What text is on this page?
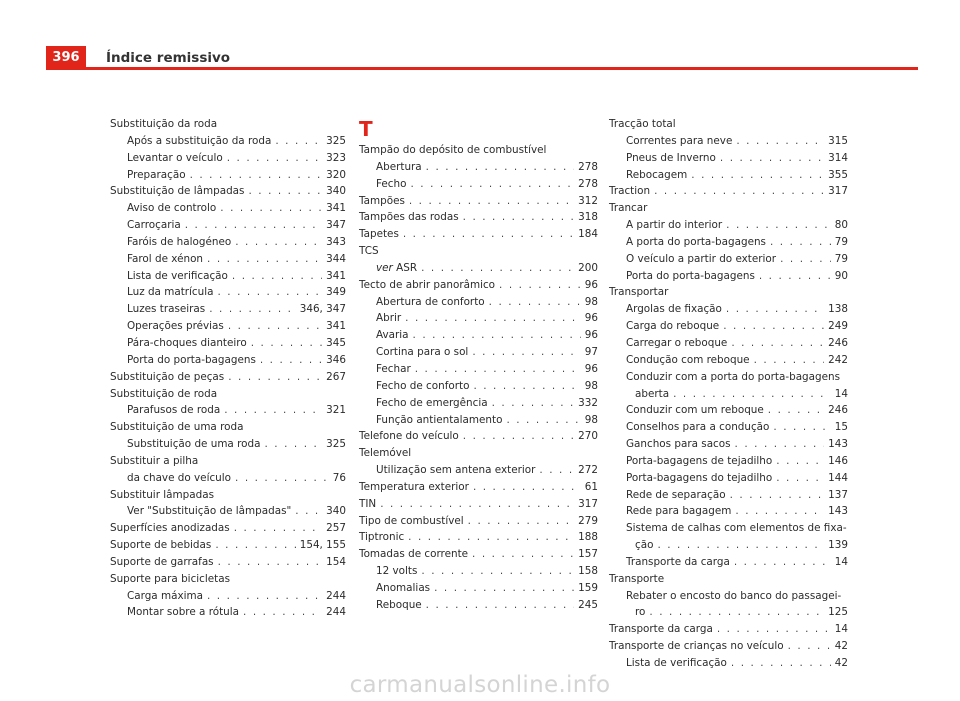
396	Índice remissivo
Substituição da roda
Após a substituição da roda . . .	325
Levantar o veículo . . .	323
Preparação . . .	320
Substituição de lâmpadas . . .	340
Aviso de controlo . . .	341
Carroçaria . . .	347
Faróis de halogéneo . . .	343
Farol de xénon . . .	344
Lista de verificação . . .	341
Luz da matrícula . . .	349
Luzes traseiras . . .	346, 347
Operações prévias . . .	341
Pára-choques dianteiro . . .	345
Porta do porta-bagagens . . .	346
Substituição de peças . . .	267
Substituição de roda
Parafusos de roda . . .	321
Substituição de uma roda
Substituição de uma roda . . .	325
Substituir a pilha
da chave do veículo . . .	76
Substituir lâmpadas
Ver "Substituição de lâmpadas" . . .	340
Superfícies anodizadas . . .	257
Suporte de bebidas . . .	154, 155
Suporte de garrafas . . .	154
Suporte para bicicletas
Carga máxima . . .	244
Montar sobre a rótula . . .	244
T
Tampão do depósito de combustível
Abertura . . .	278
Fecho . . .	278
Tampões . . .	312
Tampões das rodas . . .	318
Tapetes . . .	184
TCS
ver ASR . . .	200
Tecto de abrir panorâmico . . .	96
Abertura de conforto . . .	98
Abrir . . .	96
Avaria . . .	96
Cortina para o sol . . .	97
Fechar . . .	96
Fecho de conforto . . .	98
Fecho de emergência . . .	332
Função antientalamento . . .	98
Telefone do veículo . . .	270
Telemóvel
Utilização sem antena exterior . . .	272
Temperatura exterior . . .	61
TIN . . .	317
Tipo de combustível . . .	279
Tiptronic . . .	188
Tomadas de corrente . . .	157
12 volts . . .	158
Anomalias . . .	159
Reboque . . .	245
Tracção total
Correntes para neve . . .	315
Pneus de Inverno . . .	314
Rebocagem . . .	355
Traction . . .	317
Trancar
A partir do interior . . .	80
A porta do porta-bagagens . . .	79
O veículo a partir do exterior . . .	79
Porta do porta-bagagens . . .	90
Transportar
Argolas de fixação . . .	138
Carga do reboque . . .	249
Carregar o reboque . . .	246
Condução com reboque . . .	242
Conduzir com a porta do porta-bagagens
aberta . . .	14
Conduzir com um reboque . . .	246
Conselhos para a condução . . .	15
Ganchos para sacos . . .	143
Porta-bagagens de tejadilho . . .	146
Porta-bagagens do tejadilho . . .	144
Rede de separação . . .	137
Rede para bagagem . . .	143
Sistema de calhas com elementos de fixa-
ção . . .	139
Transporte da carga . . .	14
Transporte
Rebater o encosto do banco do passagei-
ro . . .	125
Transporte da carga . . .	14
Transporte de crianças no veículo . . .	42
Lista de verificação . . .	42
carmanualsonline.info
